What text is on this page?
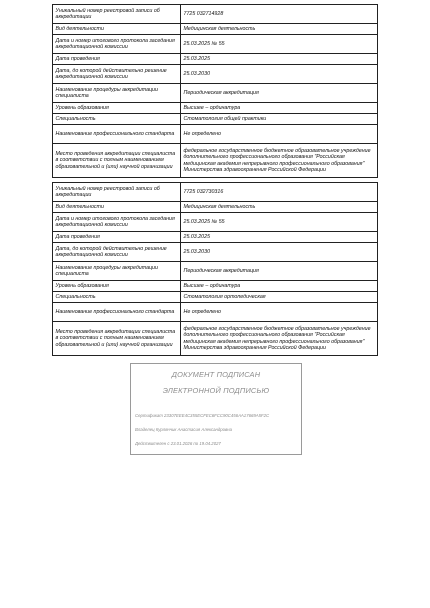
Уникальный номер реестровой записи об аккредитации	7725 032714928
Вид деятельности	Медицинская деятельность
Дата и номер итогового протокола заседания аккредитационной комиссии	25.03.2025 № 55
Дата проведения	25.03.2025
Дата, до которой действительно решение аккредитационной комиссии	25.03.2030
Наименование процедуры аккредитации специалиста	Периодическая аккредитация
Уровень образования	Высшее – ординатура
Специальность	Стоматология общей практики
Наименование профессионального стандарта	Не определено
Место проведения аккредитации специалиста в соответствии с полным наименованием образовательной и (или) научной организации	федеральное государственное бюджетное образовательное учреждение дополнительного профессионального образования "Российская медицинская академия непрерывного профессионального образования" Министерства здравоохранения Российской Федерации
Уникальный номер реестровой записи об аккредитации	7725 032730316
Вид деятельности	Медицинская деятельность
Дата и номер итогового протокола заседания аккредитационной комиссии	25.03.2025 № 55
Дата проведения	25.03.2025
Дата, до которой действительно решение аккредитационной комиссии	25.03.2030
Наименование процедуры аккредитации специалиста	Периодическая аккредитация
Уровень образования	Высшее – ординатура
Специальность	Стоматология ортопедическая
Наименование профессионального стандарта	Не определено
Место проведения аккредитации специалиста в соответствии с полным наименованием образовательной и (или) научной организации	федеральное государственное бюджетное образовательное учреждение дополнительного профессионального образования "Российская медицинская академия непрерывного профессионального образования" Министерства здравоохранения Российской Федерации
ДОКУМЕНТ ПОДПИСАН
ЭЛЕКТРОННОЙ ПОДПИСЬЮ
Сертификат 23307EEE4C355ECFEC6FCC90C456AA17669A5F2C
Владелец Курлянчик Анастасия Александровна
Действителен с 23.01.2026 по 19.04.2027
